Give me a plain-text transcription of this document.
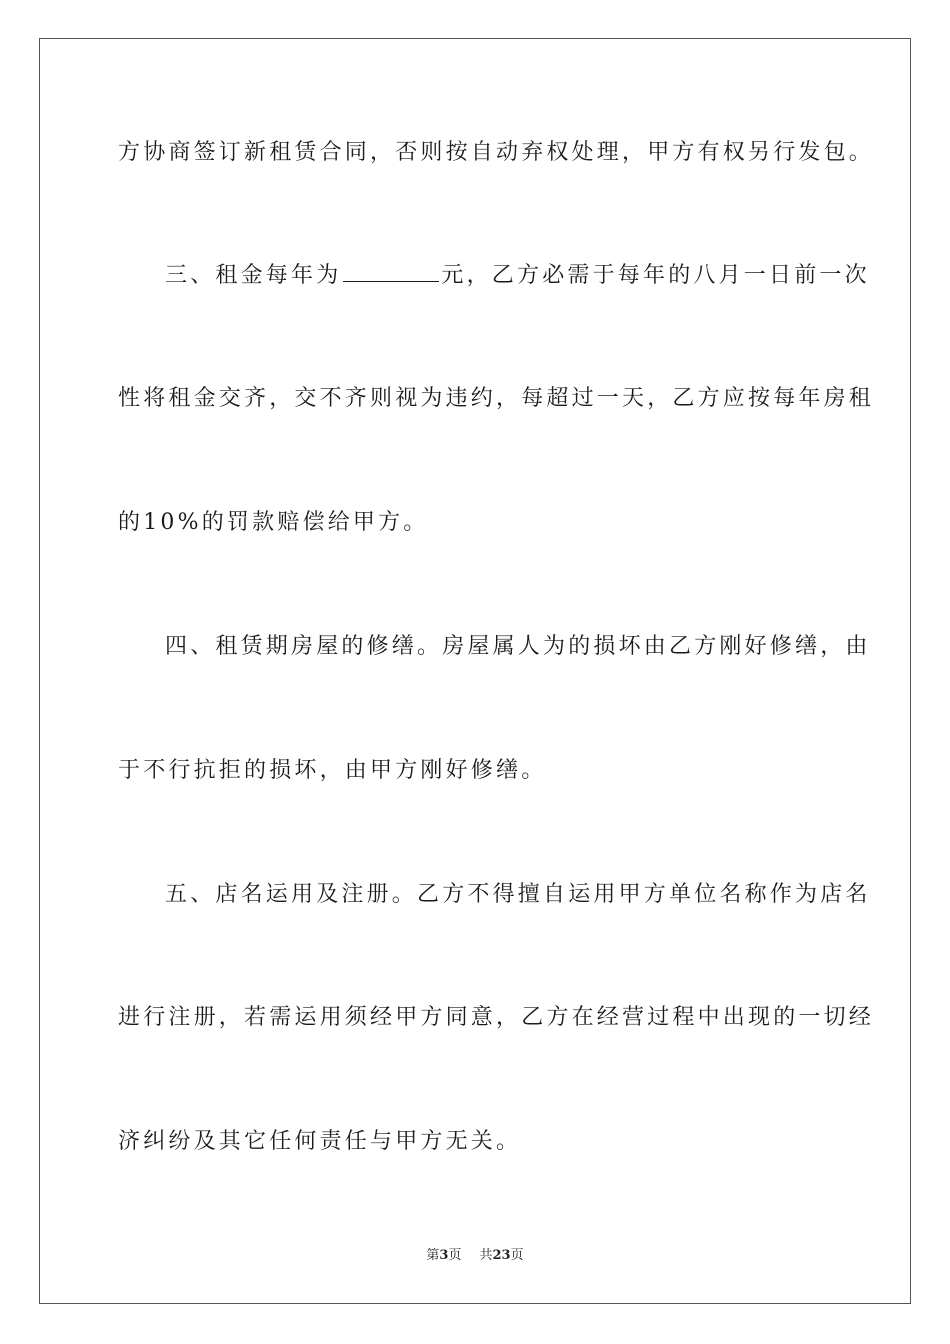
方协商签订新租赁合同，否则按自动弃权处理，甲方有权另行发包。
三、租金每年为	元，乙方必需于每年的八月一日前一次
性将租金交齐，交不齐则视为违约，每超过一天，乙方应按每年房租
的10%的罚款赔偿给甲方。
四、租赁期房屋的修缮。房屋属人为的损坏由乙方刚好修缮，由
于不行抗拒的损坏，由甲方刚好修缮。
五、店名运用及注册。乙方不得擅自运用甲方单位名称作为店名
进行注册，若需运用须经甲方同意，乙方在经营过程中出现的一切经
济纠纷及其它任何责任与甲方无关。
第3页 共23页
